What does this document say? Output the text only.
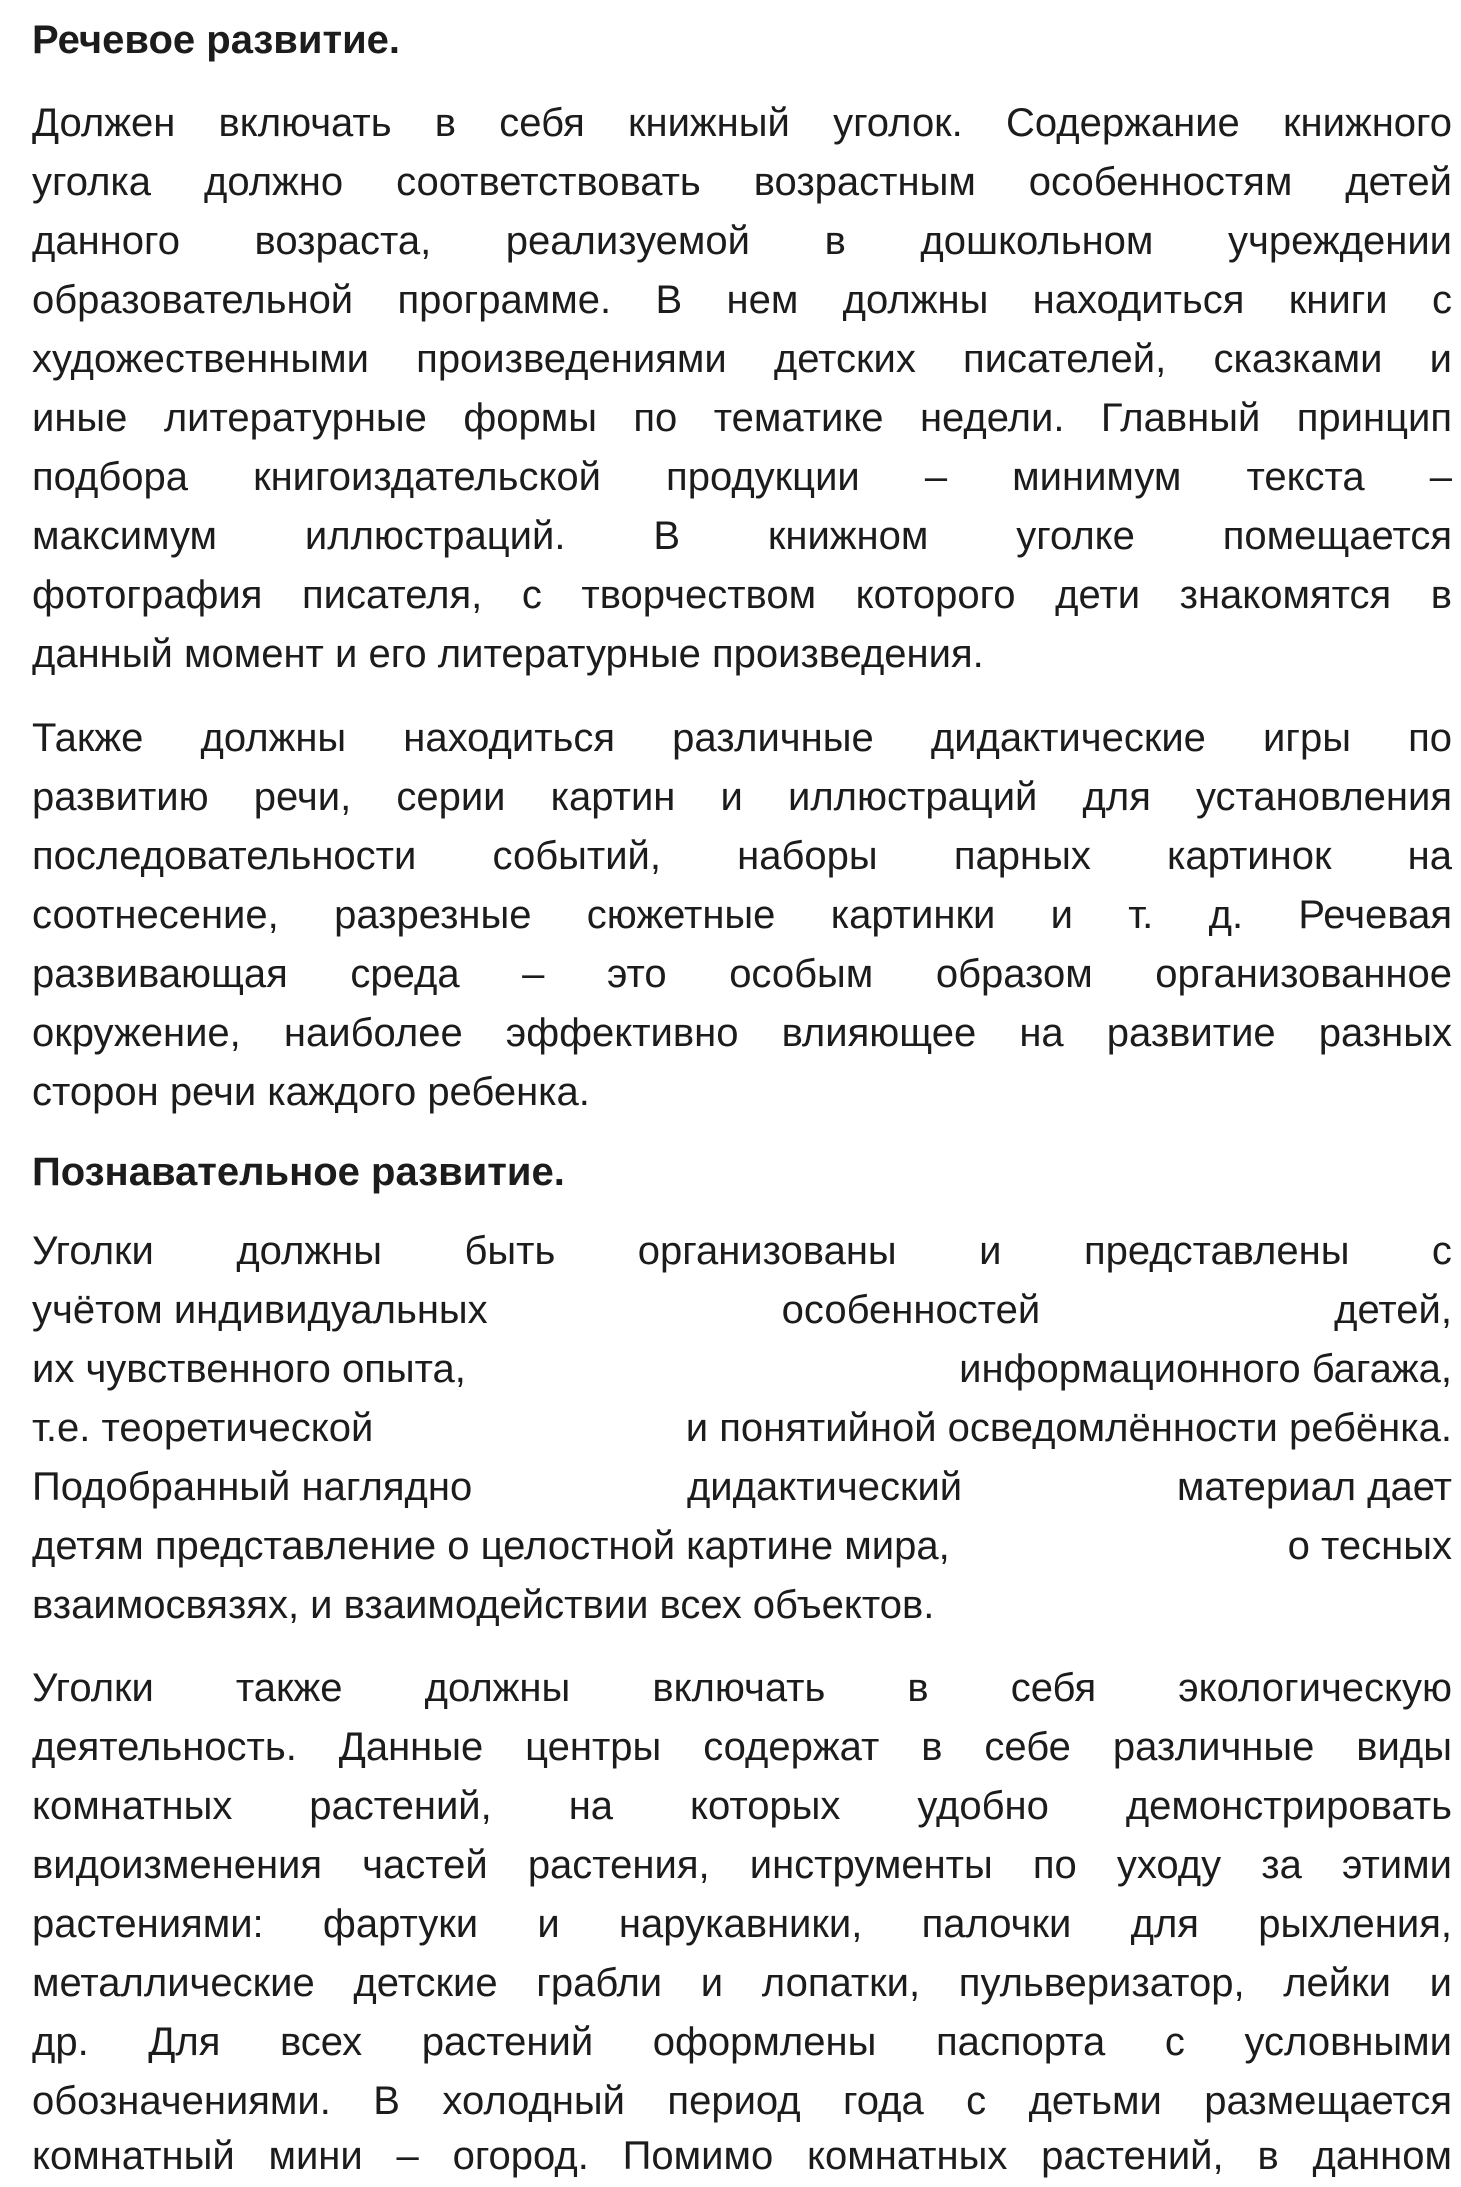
Речевое развитие.
Должен включать в себя книжный уголок. Содержание книжного
уголка должно соответствовать возрастным особенностям детей
данного возраста, реализуемой в дошкольном учреждении
образовательной программе. В нем должны находиться книги с
художественными произведениями детских писателей, сказками и
иные литературные формы по тематике недели. Главный принцип
подбора книгоиздательской продукции – минимум текста –
максимум иллюстраций. В книжном уголке помещается
фотография писателя, с творчеством которого дети знакомятся в
данный момент и его литературные произведения.
Также должны находиться различные дидактические игры по
развитию речи, серии картин и иллюстраций для установления
последовательности событий, наборы парных картинок на
соотнесение, разрезные сюжетные картинки и т. д. Речевая
развивающая среда – это особым образом организованное
окружение, наиболее эффективно влияющее на развитие разных
сторон речи каждого ребенка.
Познавательное развитие.
Уголки должны быть организованы и представлены с
учётом индивидуальных	особенностей	детей,
их чувственного опыта,	информационного багажа,
т.е. теоретической	и понятийной осведомлённости ребёнка.
Подобранный наглядно	дидактический	материал дает
детям представление о целостной картине мира,	о тесных
взаимосвязях, и взаимодействии всех объектов.
Уголки также должны включать в себя экологическую
деятельность. Данные центры содержат в себе различные виды
комнатных растений, на которых удобно демонстрировать
видоизменения частей растения, инструменты по уходу за этими
растениями: фартуки и нарукавники, палочки для рыхления,
металлические детские грабли и лопатки, пульверизатор, лейки и
др. Для всех растений оформлены паспорта с условными
обозначениями. В холодный период года с детьми размещается
комнатный мини – огород. Помимо комнатных растений, в данном
